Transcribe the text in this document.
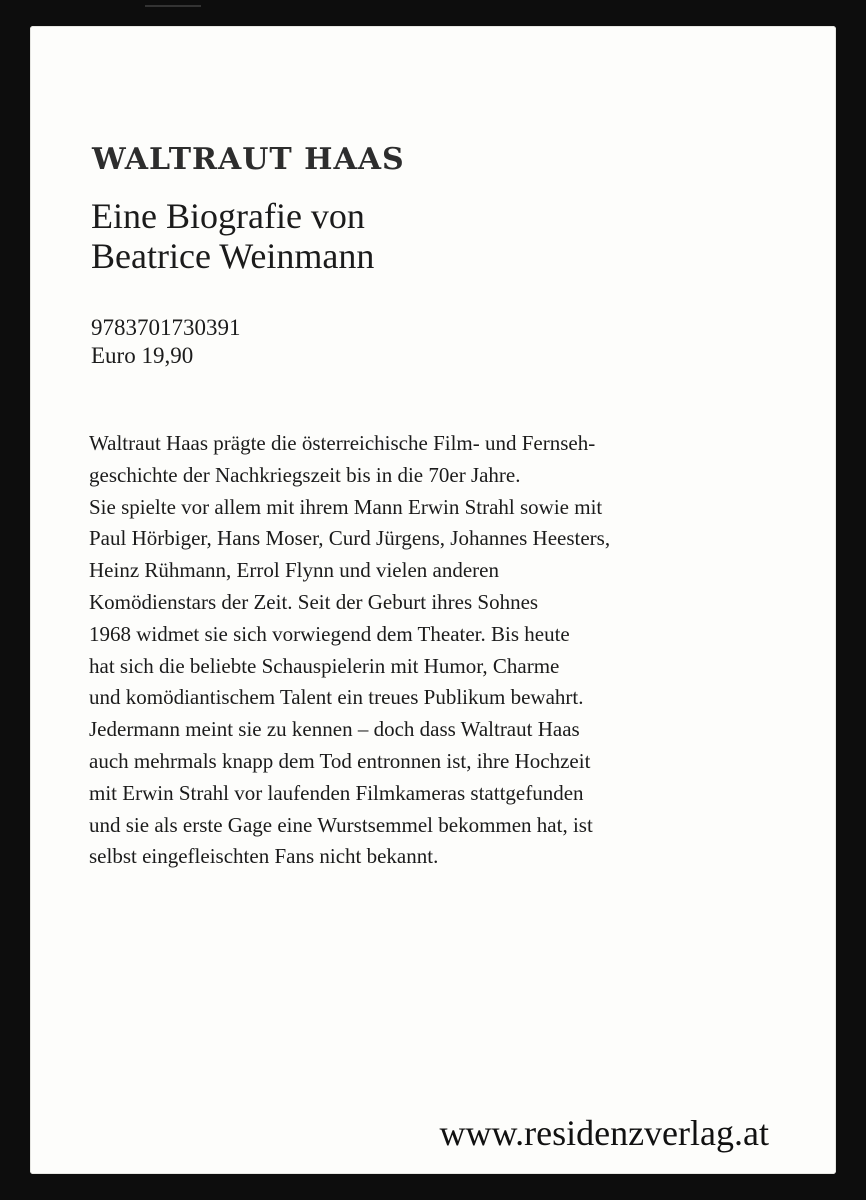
WALTRAUT HAAS
Eine Biografie von
Beatrice Weinmann
9783701730391
Euro 19,90
Waltraut Haas prägte die österreichische Film- und Fernseh-
geschichte der Nachkriegszeit bis in die 70er Jahre.
Sie spielte vor allem mit ihrem Mann Erwin Strahl sowie mit
Paul Hörbiger, Hans Moser, Curd Jürgens, Johannes Heesters,
Heinz Rühmann, Errol Flynn und vielen anderen
Komödienstars der Zeit. Seit der Geburt ihres Sohnes
1968 widmet sie sich vorwiegend dem Theater. Bis heute
hat sich die beliebte Schauspielerin mit Humor, Charme
und komödiantischem Talent ein treues Publikum bewahrt.
Jedermann meint sie zu kennen – doch dass Waltraut Haas
auch mehrmals knapp dem Tod entronnen ist, ihre Hochzeit
mit Erwin Strahl vor laufenden Filmkameras stattgefunden
und sie als erste Gage eine Wurstsemmel bekommen hat, ist
selbst eingefleischten Fans nicht bekannt.
www.residenzverlag.at
